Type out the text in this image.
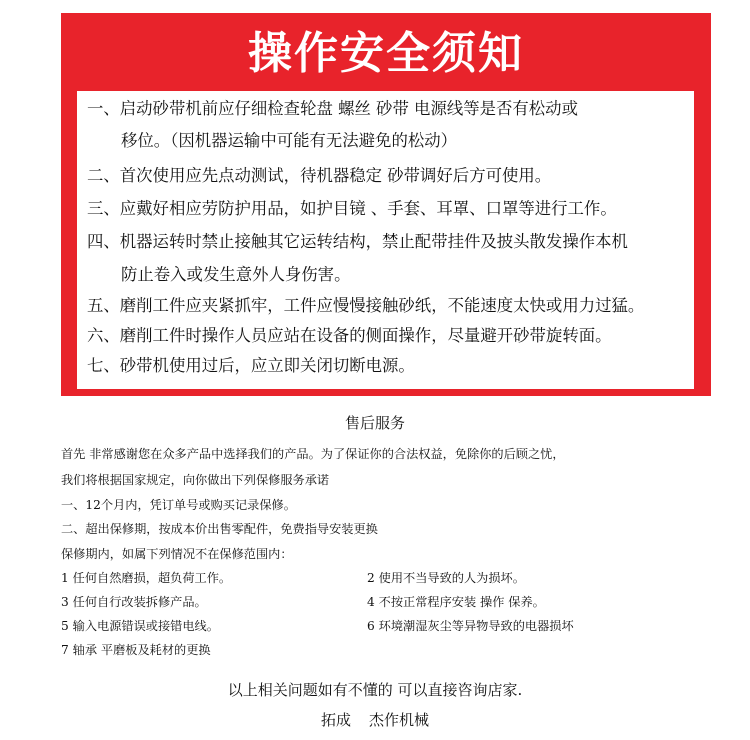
操作安全须知
一、启动砂带机前应仔细检查轮盘 螺丝 砂带 电源线等是否有松动或
移位。（因机器运输中可能有无法避免的松动）
二、首次使用应先点动测试，待机器稳定 砂带调好后方可使用。
三、应戴好相应劳防护用品，如护目镜 、手套、耳罩、口罩等进行工作。
四、机器运转时禁止接触其它运转结构，禁止配带挂件及披头散发操作本机
防止卷入或发生意外人身伤害。
五、磨削工件应夹紧抓牢，工件应慢慢接触砂纸，不能速度太快或用力过猛。
六、磨削工件时操作人员应站在设备的侧面操作，尽量避开砂带旋转面。
七、砂带机使用过后，应立即关闭切断电源。
售后服务
首先 非常感谢您在众多产品中选择我们的产品。为了保证你的合法权益，免除你的后顾之忧，
我们将根据国家规定，向你做出下列保修服务承诺
一、12个月内，凭订单号或购买记录保修。
二、超出保修期，按成本价出售零配件，免费指导安装更换
保修期内，如属下列情况不在保修范围内：
1 任何自然磨损，超负荷工作。	2 使用不当导致的人为损坏。
3 任何自行改装拆修产品。	4 不按正常程序安装 操作 保养。
5 输入电源错误或接错电线。	6 环境潮湿灰尘等异物导致的电器损坏
7 轴承 平磨板及耗材的更换
以上相关问题如有不懂的 可以直接咨询店家.
拓成 杰作机械
